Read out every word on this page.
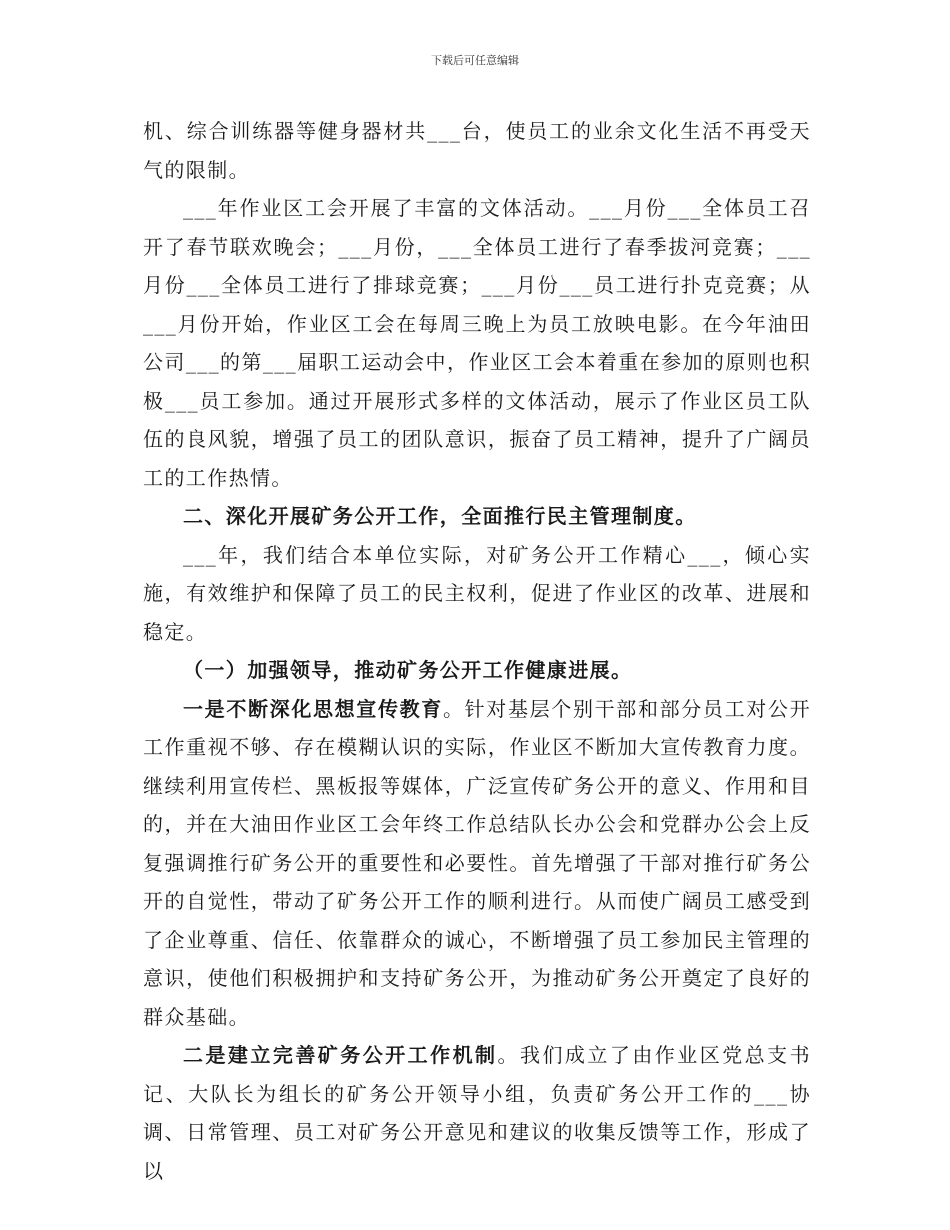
下载后可任意编辑

机、综合训练器等健身器材共___台，使员工的业余文化生活不再受天气的限制。

___年作业区工会开展了丰富的文体活动。___月份___全体员工召开了春节联欢晚会；___月份，___全体员工进行了春季拔河竞赛；___月份___全体员工进行了排球竞赛；___月份___员工进行扑克竞赛；从___月份开始，作业区工会在每周三晚上为员工放映电影。在今年油田公司___的第___届职工运动会中，作业区工会本着重在参加的原则也积极___员工参加。通过开展形式多样的文体活动，展示了作业区员工队伍的良风貌，增强了员工的团队意识，振奋了员工精神，提升了广阔员工的工作热情。

二、深化开展矿务公开工作，全面推行民主管理制度。

___年，我们结合本单位实际，对矿务公开工作精心___，倾心实施，有效维护和保障了员工的民主权利，促进了作业区的改革、进展和稳定。

（一）加强领导，推动矿务公开工作健康进展。

一是不断深化思想宣传教育。针对基层个别干部和部分员工对公开工作重视不够、存在模糊认识的实际，作业区不断加大宣传教育力度。继续利用宣传栏、黑板报等媒体，广泛宣传矿务公开的意义、作用和目的，并在大油田作业区工会年终工作总结队长办公会和党群办公会上反复强调推行矿务公开的重要性和必要性。首先增强了干部对推行矿务公开的自觉性，带动了矿务公开工作的顺利进行。从而使广阔员工感受到了企业尊重、信任、依靠群众的诚心，不断增强了员工参加民主管理的意识，使他们积极拥护和支持矿务公开，为推动矿务公开奠定了良好的群众基础。

二是建立完善矿务公开工作机制。我们成立了由作业区党总支书记、大队长为组长的矿务公开领导小组，负责矿务公开工作的___协调、日常管理、员工对矿务公开意见和建议的收集反馈等工作，形成了以
